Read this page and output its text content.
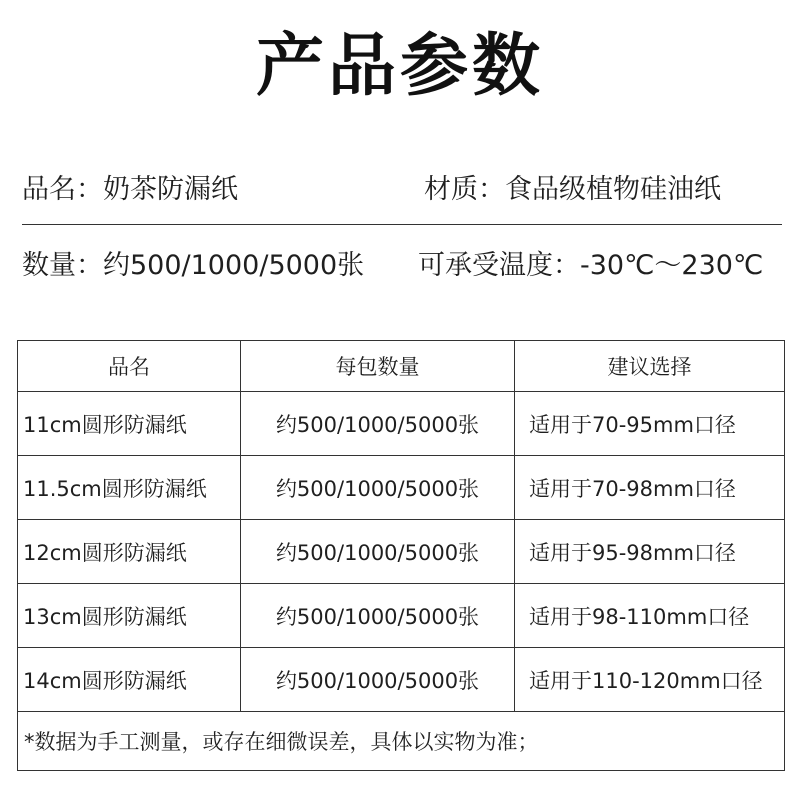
产品参数
品名：奶茶防漏纸	材质：食品级植物硅油纸
数量：约500/1000/5000张 可承受温度：-30℃～230℃
品名	每包数量	建议选择
11cm圆形防漏纸	约500/1000/5000张	适用于70-95mm口径
11.5cm圆形防漏纸	约500/1000/5000张	适用于70-98mm口径
12cm圆形防漏纸	约500/1000/5000张	适用于95-98mm口径
13cm圆形防漏纸	约500/1000/5000张	适用于98-110mm口径
14cm圆形防漏纸	约500/1000/5000张	适用于110-120mm口径
*数据为手工测量，或存在细微误差，具体以实物为准；		
